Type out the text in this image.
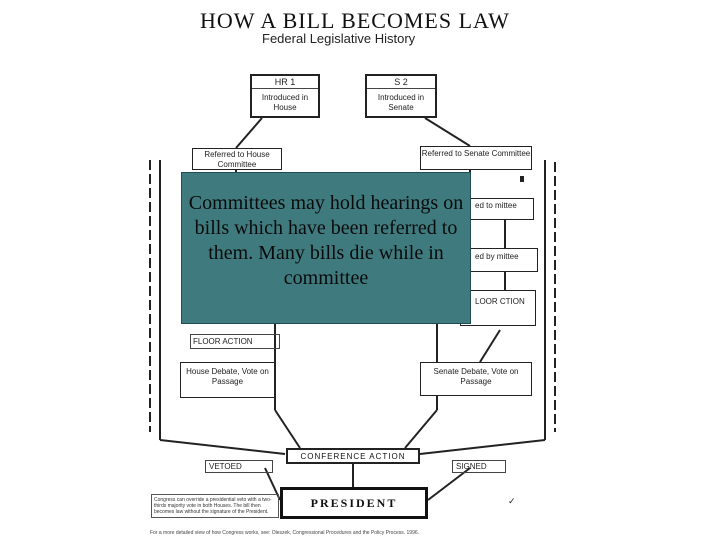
HOW A BILL BECOMES LAW
Federal Legislative History
HR 1
Introduced in House
Referred to House Committee
FLOOR ACTION
House Debate, Vote on Passage
S 2
Introduced in Senate
Referred to Senate Committee
ed to mittee
ed by mittee
LOOR CTION
Senate Debate, Vote on Passage
CONFERENCE ACTION
VETOED	SIGNED
PRESIDENT
Congress can override a presidential veto with a two-thirds majority vote in both Houses. The bill then becomes law without the signature of the President.
✓
For a more detailed view of how Congress works, see: Oleszek, Congressional Procedures and the Policy Process. 1996.
Committees may hold hearings on bills which have been referred to them. Many bills die while in committee
